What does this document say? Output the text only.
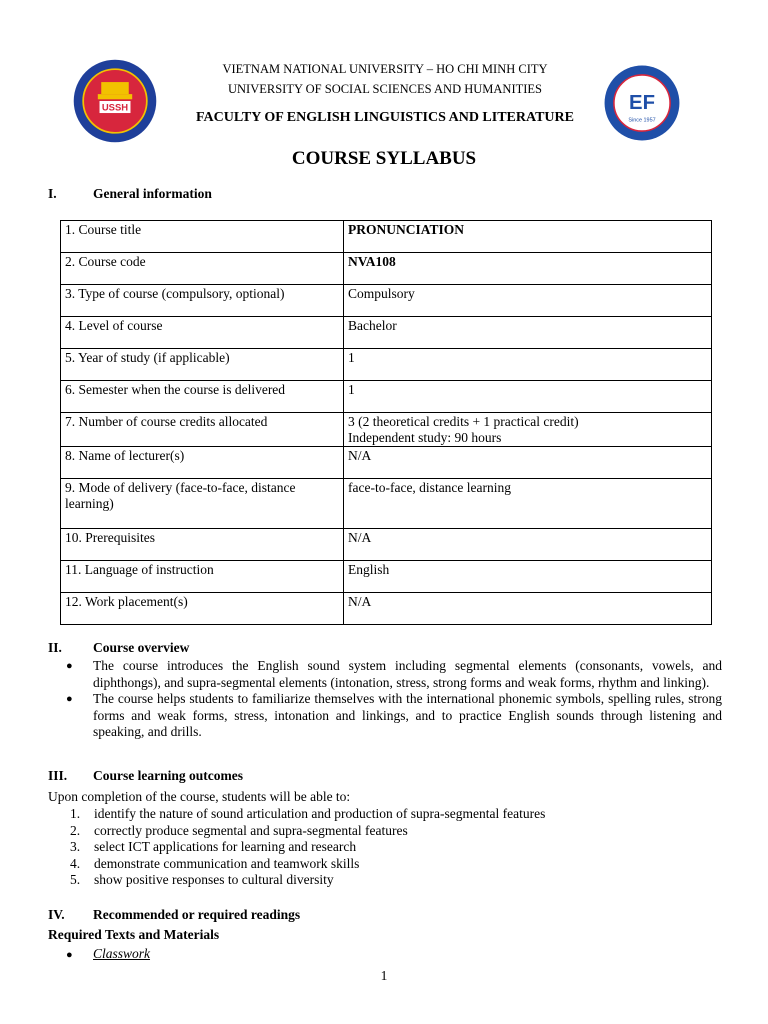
USSH	EF
Since 1957
VIETNAM NATIONAL UNIVERSITY – HO CHI MINH CITY
UNIVERSITY OF SOCIAL SCIENCES AND HUMANITIES
FACULTY OF ENGLISH LINGUISTICS AND LITERATURE
COURSE SYLLABUS
I.	General information
1. Course title	PRONUNCIATION

2. Course code	NVA108

3. Type of course (compulsory, optional)	Compulsory

4. Level of course	Bachelor

5. Year of study (if applicable)	1

6. Semester when the course is delivered	1

7. Number of course credits allocated	3 (2 theoretical credits + 1 practical credit)
Independent study: 90 hours

8. Name of lecturer(s)	N/A

9. Mode of delivery (face-to-face, distance learning)	face-to-face, distance learning

10. Prerequisites	N/A

11. Language of instruction	English

12. Work placement(s)	N/A
II. Course overview
● The course introduces the English sound system including segmental elements (consonants, vowels, and diphthongs), and supra-segmental elements (intonation, stress, strong forms and weak forms, rhythm and linking).
● The course helps students to familiarize themselves with the international phonemic symbols, spelling rules, strong forms and weak forms, stress, intonation and linkings, and to practice English sounds through listening and speaking, and drills.
III. Course learning outcomes
Upon completion of the course, students will be able to:
1. identify the nature of sound articulation and production of supra-segmental features
2. correctly produce segmental and supra-segmental features
3. select ICT applications for learning and research
4. demonstrate communication and teamwork skills
5. show positive responses to cultural diversity
IV. Recommended or required readings
Required Texts and Materials
● Classwork
1
